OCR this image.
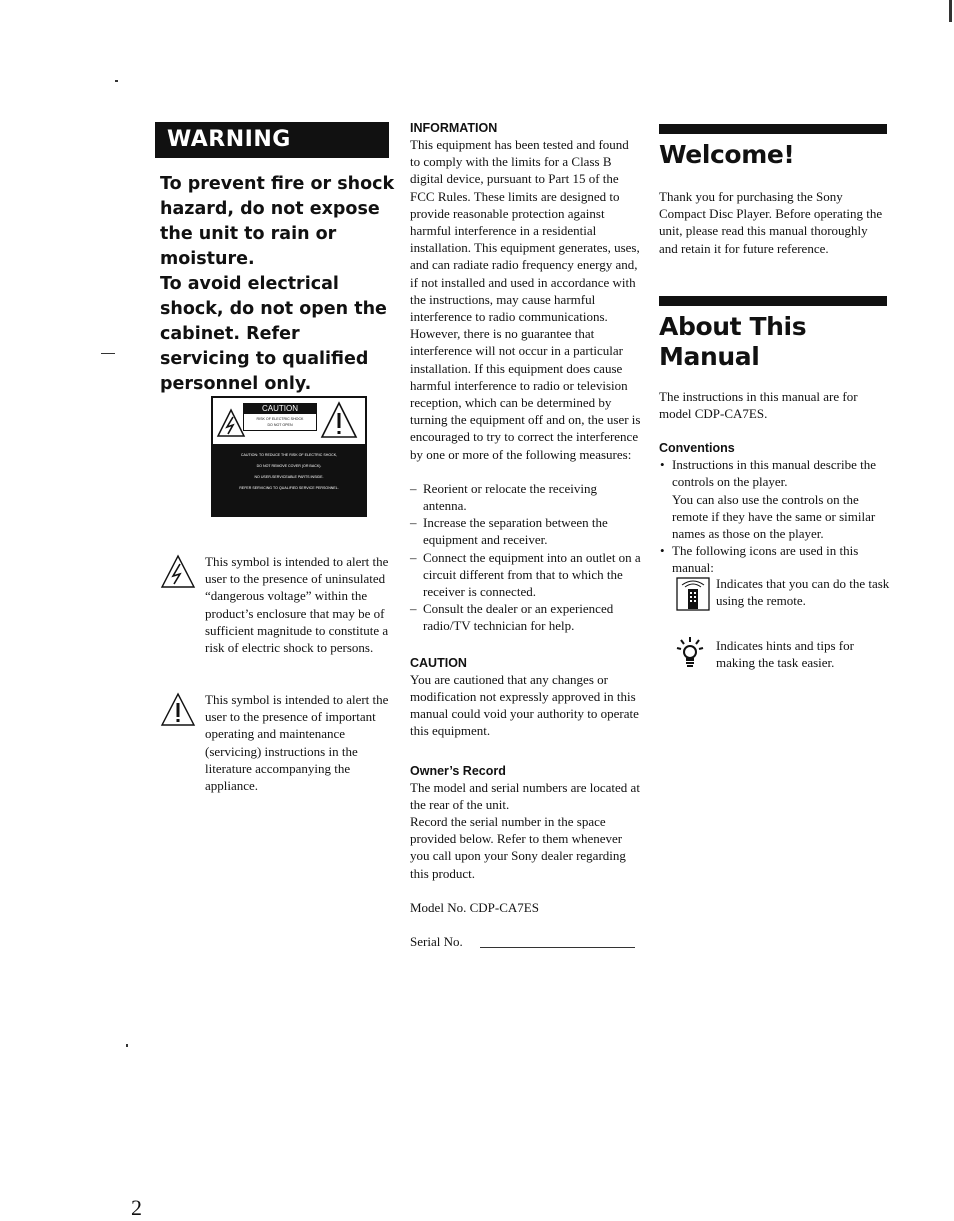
WARNING

To prevent fire or shock hazard, do not expose the unit to rain or moisture.

To avoid electrical shock, do not open the cabinet. Refer servicing to qualified personnel only.

CAUTION
RISK OF ELECTRIC SHOCK
DO NOT OPEN
CAUTION: TO REDUCE THE RISK OF ELECTRIC SHOCK,
DO NOT REMOVE COVER (OR BACK).
NO USER-SERVICEABLE PARTS INSIDE.
REFER SERVICING TO QUALIFIED SERVICE PERSONNEL.
This symbol is intended to alert the user to the presence of uninsulated “dangerous voltage” within the product’s enclosure that may be of sufficient magnitude to constitute a risk of electric shock to persons.
This symbol is intended to alert the user to the presence of important operating and maintenance (servicing) instructions in the literature accompanying the appliance.
INFORMATION

This equipment has been tested and found to comply with the limits for a Class B digital device, pursuant to Part 15 of the FCC Rules. These limits are designed to provide reasonable protection against harmful interference in a residential installation. This equipment generates, uses, and can radiate radio frequency energy and, if not installed and used in accordance with the instructions, may cause harmful interference to radio communications. However, there is no guarantee that interference will not occur in a particular installation. If this equipment does cause harmful interference to radio or television reception, which can be determined by turning the equipment off and on, the user is encouraged to try to correct the interference by one or more of the following measures:

– Reorient or relocate the receiving antenna.
– Increase the separation between the equipment and receiver.
– Connect the equipment into an outlet on a circuit different from that to which the receiver is connected.
– Consult the dealer or an experienced radio/TV technician for help.
CAUTION

You are cautioned that any changes or modification not expressly approved in this manual could void your authority to operate this equipment.

Owner’s Record

The model and serial numbers are located at the rear of the unit.

Record the serial number in the space provided below. Refer to them whenever you call upon your Sony dealer regarding this product.

Model No. CDP-CA7ES
Serial No.
Welcome!

Thank you for purchasing the Sony Compact Disc Player. Before operating the unit, please read this manual thoroughly and retain it for future reference.

About This Manual

The instructions in this manual are for model CDP-CA7ES.

Conventions
• Instructions in this manual describe the controls on the player.
You can also use the controls on the remote if they have the same or similar names as those on the player.
• The following icons are used in this manual:
Indicates that you can do the task using the remote.
Indicates hints and tips for making the task easier.
2
